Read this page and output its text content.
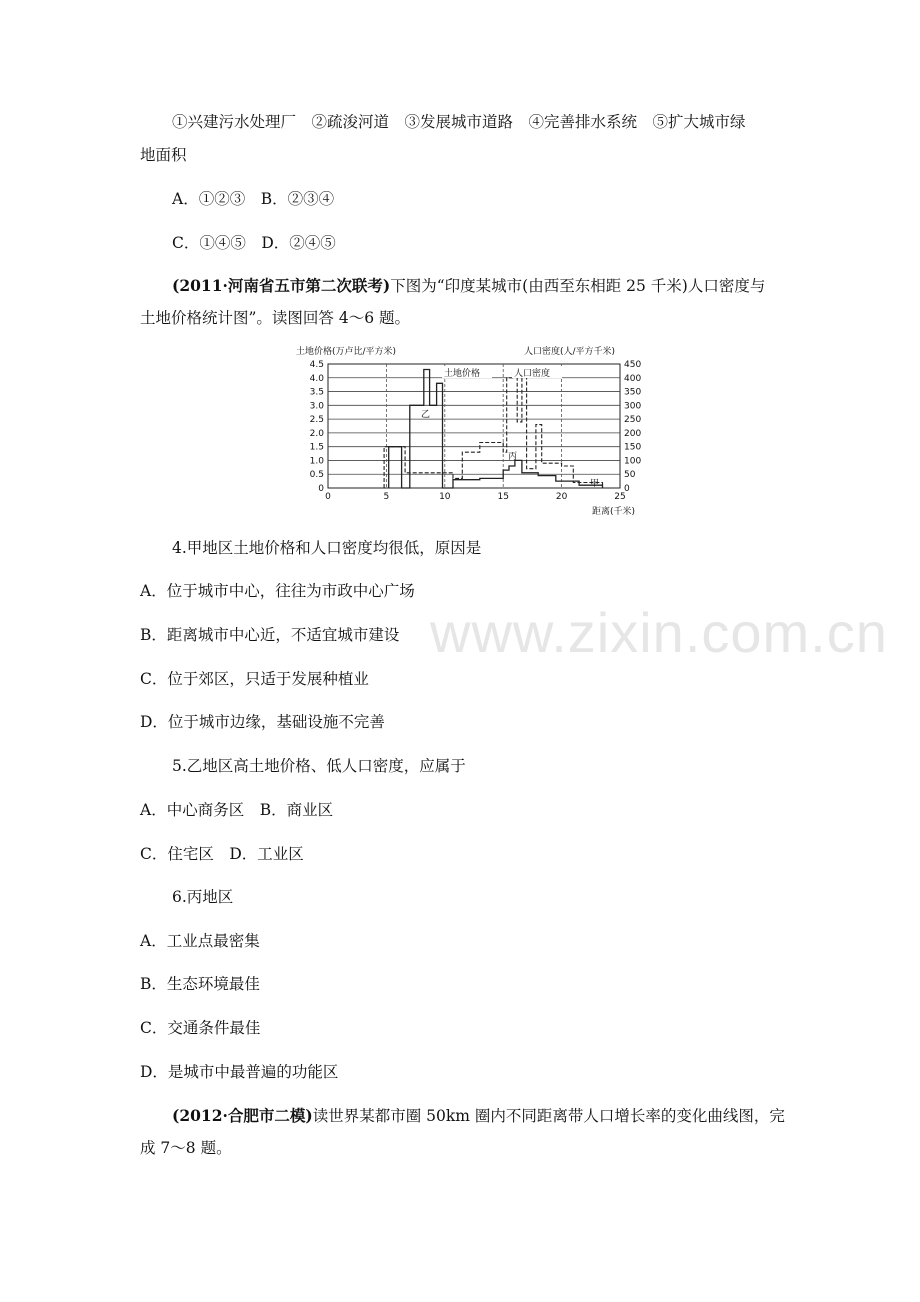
①兴建污水处理厂　②疏浚河道　③发展城市道路　④完善排水系统　⑤扩大城市绿
地面积
A．①②③　B．②③④
C．①④⑤　D．②④⑤
(2011·河南省五市第二次联考)下图为“印度某城市(由西至东相距 25 千米)人口密度与
土地价格统计图”。读图回答 4～6 题。
土地价格(万卢比/平方米)	人口密度(人/平方千米)
距离(千米)
0	5	10	15	20	25
0
0.5
1.0
1.5
2.0
2.5
3.0
3.5
4.0
4.5
0
50
100
150
200
250
300
350
400
450
土地价格	人口密度
乙
丙
甲
4.甲地区土地价格和人口密度均很低，原因是
A．位于城市中心，往往为市政中心广场
B．距离城市中心近，不适宜城市建设
C．位于郊区，只适于发展种植业
D．位于城市边缘，基础设施不完善
5.乙地区高土地价格、低人口密度，应属于
A．中心商务区　B．商业区
C．住宅区　D．工业区
6.丙地区
A．工业点最密集
B．生态环境最佳
C．交通条件最佳
D．是城市中最普遍的功能区
(2012·合肥市二模)读世界某都市圈 50km 圈内不同距离带人口增长率的变化曲线图，完
成 7～8 题。
www.zixin.com.cn
